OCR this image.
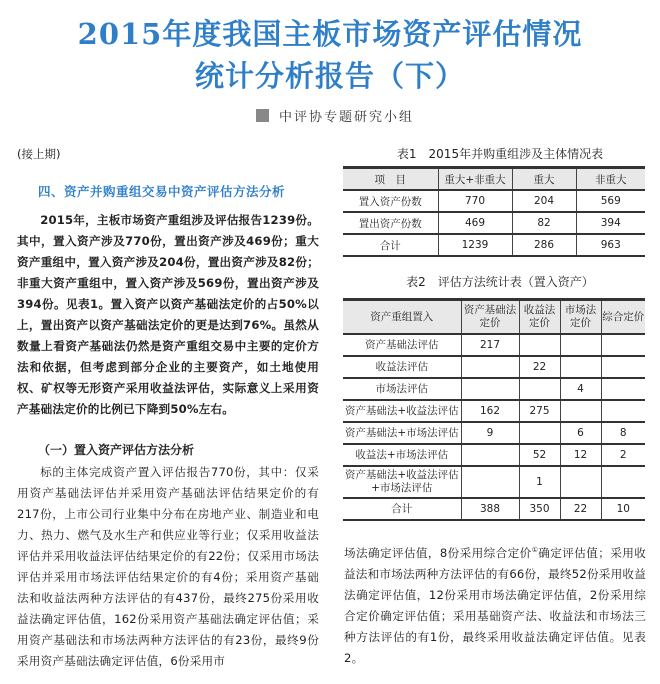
2015年度我国主板市场资产评估情况
统计分析报告（下）
中评协专题研究小组
(接上期)
四、资产并购重组交易中资产评估方法分析
2015年，主板市场资产重组涉及评估报告1239份。其中，置入资产涉及770份，置出资产涉及469份；重大资产重组中，置入资产涉及204份，置出资产涉及82份；非重大资产重组中，置入资产涉及569份，置出资产涉及394份。见表1。置入资产以资产基础法定价的占50%以上，置出资产以资产基础法定价的更是达到76%。虽然从数量上看资产基础法仍然是资产重组交易中主要的定价方法和依据，但考虑到部分企业的主要资产，如土地使用权、矿权等无形资产采用收益法评估，实际意义上采用资产基础法定价的比例已下降到50%左右。
（一）置入资产评估方法分析
标的主体完成资产置入评估报告770份，其中：仅采用资产基础法评估并采用资产基础法评估结果定价的有217份，上市公司行业集中分布在房地产业、制造业和电力、热力、燃气及水生产和供应业等行业；仅采用收益法评估并采用收益法评估结果定价的有22份；仅采用市场法评估并采用市场法评估结果定价的有4份；采用资产基础法和收益法两种方法评估的有437份，最终275份采用收益法确定评估值，162份采用资产基础法确定评估值；采用资产基础法和市场法两种方法评估的有23份，最终9份采用资产基础法确定评估值，6份采用市
场法确定评估值，8份采用综合定价①确定评估值；采用收益法和市场法两种方法评估的有66份，最终52份采用收益法确定评估值，12份采用市场法确定评估值，2份采用综合定价确定评估值；采用基础资产法、收益法和市场法三种方法评估的有1份，最终采用收益法确定评估值。见表2。
表1　2015年并购重组涉及主体情况表
项　目	重大+非重大	重大	非重大
置入资产份数	770	204	569
置出资产份数	469	82	394
合计	1239	286	963
表2　评估方法统计表（置入资产）
资产重组置入	资产基础法定价	收益法定价	市场法定价	综合定价
资产基础法评估	217			
收益法评估		22		
市场法评估			4	
资产基础法+收益法评估	162	275		
资产基础法+市场法评估	9		6	8
收益法+市场法评估		52	12	2
资产基础法+收益法评估+市场法评估		1		
合计	388	350	22	10
